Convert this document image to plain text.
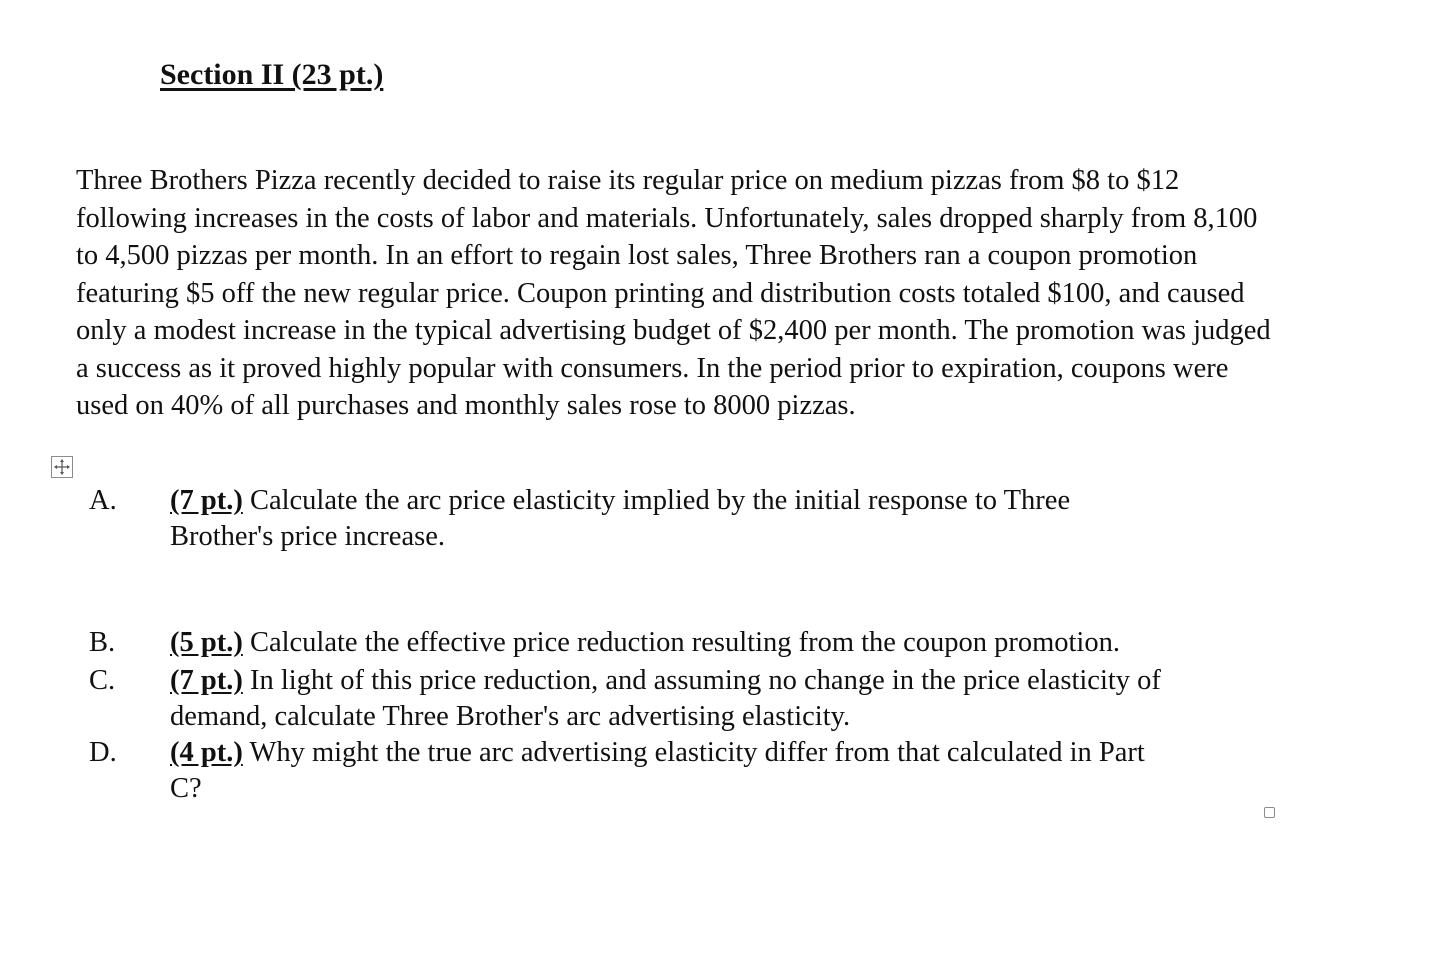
Section II (23 pt.)
Three Brothers Pizza recently decided to raise its regular price on medium pizzas from $8 to $12
following increases in the costs of labor and materials. Unfortunately, sales dropped sharply from 8,100
to 4,500 pizzas per month. In an effort to regain lost sales, Three Brothers ran a coupon promotion
featuring $5 off the new regular price. Coupon printing and distribution costs totaled $100, and caused
only a modest increase in the typical advertising budget of $2,400 per month. The promotion was judged
a success as it proved highly popular with consumers. In the period prior to expiration, coupons were
used on 40% of all purchases and monthly sales rose to 8000 pizzas.
A. (7 pt.) Calculate the arc price elasticity implied by the initial response to Three
Brother's price increase.
B. (5 pt.) Calculate the effective price reduction resulting from the coupon promotion.
C. (7 pt.) In light of this price reduction, and assuming no change in the price elasticity of
demand, calculate Three Brother's arc advertising elasticity.
D. (4 pt.) Why might the true arc advertising elasticity differ from that calculated in Part
C?
